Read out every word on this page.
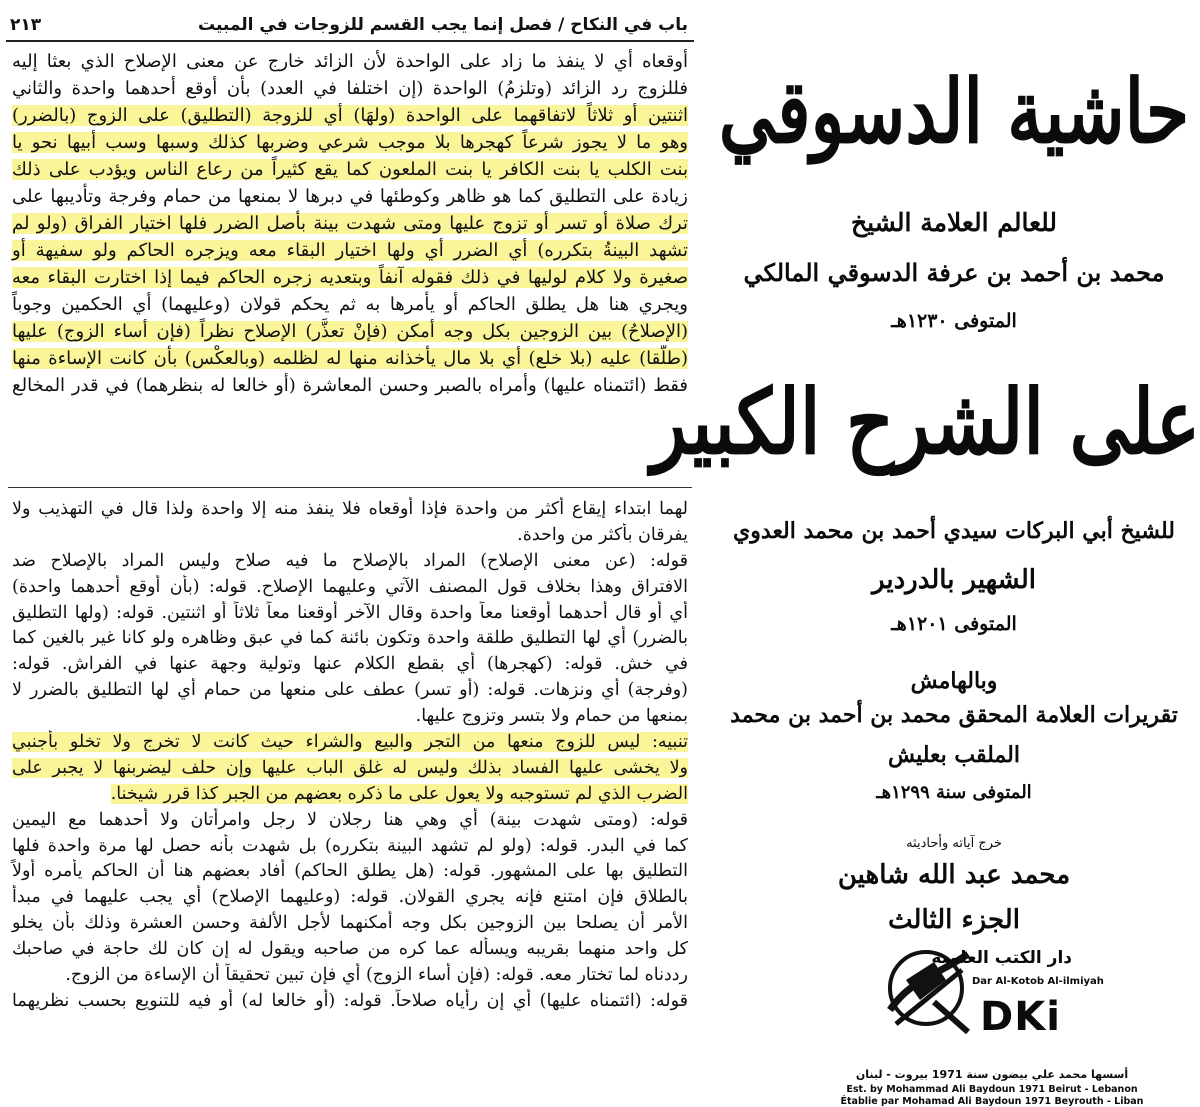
باب في النكاح / فصل إنما يجب القسم للزوجات في المبيت
٢١٣
أوقعاه أي لا ينفذ ما زاد على الواحدة لأن الزائد خارج عن معنى الإصلاح الذي بعثا إليه
فللزوج رد الزائد (وتلزمُ) الواحدة (إن اختلفا في العدد) بأن أوقع أحدهما واحدة والثاني
اثنتين أو ثلاثاً لاتفاقهما على الواحدة (ولهَا) أي للزوجة (التطليق) على الزوج (بالضرر)
وهو ما لا يجوز شرعاً كهجرها بلا موجب شرعي وضربها كذلك وسبها وسب أبيها نحو يا
بنت الكلب يا بنت الكافر يا بنت الملعون كما يقع كثيراً من رعاع الناس ويؤدب على ذلك
زيادة على التطليق كما هو ظاهر وكوطئها في دبرها لا بمنعها من حمام وفرجة وتأديبها على
ترك صلاة أو تسر أو تزوج عليها ومتى شهدت بينة بأصل الضرر فلها اختيار الفراق (ولو لم
تشهد البينةُ بتكرره) أي الضرر أي ولها اختيار البقاء معه ويزجره الحاكم ولو سفيهة أو
صغيرة ولا كلام لوليها في ذلك فقوله آنفاً وبتعديه زجره الحاكم فيما إذا اختارت البقاء معه
ويجري هنا هل يطلق الحاكم أو يأمرها به ثم يحكم قولان (وعليهما) أي الحكمين وجوباً
(الإصلاحُ) بين الزوجين بكل وجه أمكن (فإنْ تعذَّر) الإصلاح نظراً (فإن أساء الزوج) عليها
(طلَّقا) عليه (بلا خلع) أي بلا مال يأخذانه منها له لظلمه (وبالعكْس) بأن كانت الإساءة منها
فقط (ائتمناه عليها) وأمراه بالصبر وحسن المعاشرة (أو خالعا له بنظرهما) في قدر المخالع
لهما ابتداء إيقاع أكثر من واحدة فإذا أوقعاه فلا ينفذ منه إلا واحدة ولذا قال في التهذيب ولا
يفرقان بأكثر من واحدة.
قوله: (عن معنى الإصلاح) المراد بالإصلاح ما فيه صلاح وليس المراد بالإصلاح ضد
الافتراق وهذا بخلاف قول المصنف الآتي وعليهما الإصلاح. قوله: (بأن أوقع أحدهما واحدة)
أي أو قال أحدهما أوقعنا معاً واحدة وقال الآخر أوقعنا معاً ثلاثاً أو اثنتين. قوله: (ولها التطليق
بالضرر) أي لها التطليق طلقة واحدة وتكون بائنة كما في عبق وظاهره ولو كانا غير بالغين كما
في خش. قوله: (كهجرها) أي بقطع الكلام عنها وتولية وجهة عنها في الفراش. قوله:
(وفرجة) أي ونزهات. قوله: (أو تسر) عطف على منعها من حمام أي لها التطليق بالضرر لا
بمنعها من حمام ولا بتسر وتزوج عليها.
تنبيه: ليس للزوج منعها من التجر والبيع والشراء حيث كانت لا تخرج ولا تخلو بأجنبي
ولا يخشى عليها الفساد بذلك وليس له غلق الباب عليها وإن حلف ليضربنها لا يجبر على
الضرب الذي لم تستوجبه ولا يعول على ما ذكره بعضهم من الجبر كذا قرر شيخنا.
قوله: (ومتى شهدت بينة) أي وهي هنا رجلان لا رجل وامرأتان ولا أحدهما مع اليمين
كما في البدر. قوله: (ولو لم تشهد البينة بتكرره) بل شهدت بأنه حصل لها مرة واحدة فلها
التطليق بها على المشهور. قوله: (هل يطلق الحاكم) أفاد بعضهم هنا أن الحاكم يأمره أولاً
بالطلاق فإن امتنع فإنه يجري القولان. قوله: (وعليهما الإصلاح) أي يجب عليهما في مبدأ
الأمر أن يصلحا بين الزوجين بكل وجه أمكنهما لأجل الألفة وحسن العشرة وذلك بأن يخلو
كل واحد منهما بقريبه ويسأله عما كره من صاحبه ويقول له إن كان لك حاجة في صاحبك
رددناه لما تختار معه. قوله: (فإن أساء الزوج) أي فإن تبين تحقيقاً أن الإساءة من الزوج.
قوله: (ائتمناه عليها) أي إن رأياه صلاحاً. قوله: (أو خالعا له) أو فيه للتنويع بحسب نظريهما
حاشية الدسوقي
للعالم العلامة الشيخ
محمد بن أحمد بن عرفة الدسوقي المالكي
المتوفى ١٢٣٠هـ
على الشرح الكبير
للشيخ أبي البركات سيدي أحمد بن محمد العدوي
الشهير بالدردير
المتوفى ١٢٠١هـ
وبالهامش
تقريرات العلامة المحقق محمد بن أحمد بن محمد
الملقب بعليش
المتوفى سنة ١٢٩٩هـ
خرج آياته وأحاديثه
محمد عبد الله شاهين
الجزء الثالث
دار الكتب العلمية
Dar Al-Kotob Al-ilmiyah
DKi
أسسها محمد علي بيضون سنة 1971 بيروت - لبنان
Est. by Mohammad Ali Baydoun 1971 Beirut - Lebanon
Établie par Mohamad Ali Baydoun 1971 Beyrouth - Liban
